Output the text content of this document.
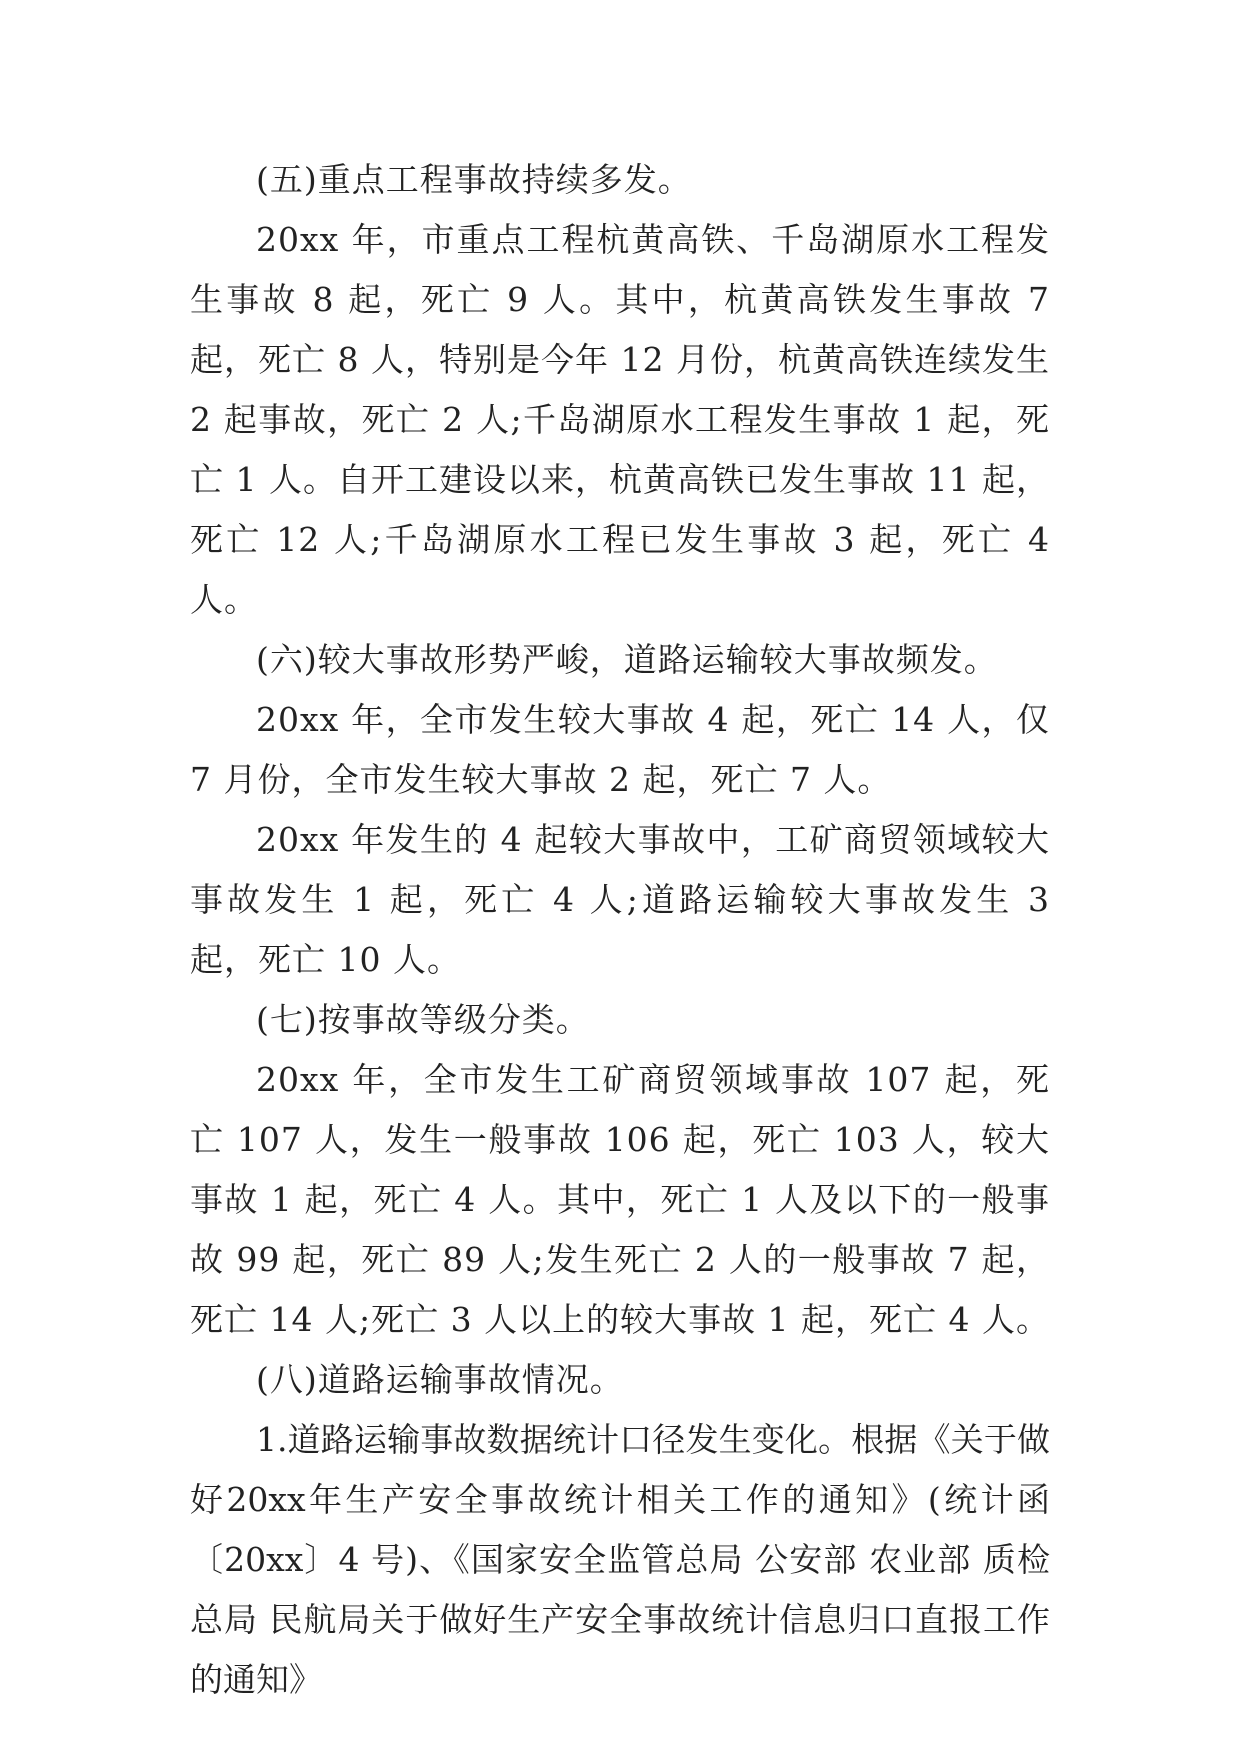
(五)重点工程事故持续多发。

20xx 年，市重点工程杭黄高铁、千岛湖原水工程发生事故 8 起，死亡 9 人。其中，杭黄高铁发生事故 7 起，死亡 8 人，特别是今年 12 月份，杭黄高铁连续发生 2 起事故，死亡 2 人;千岛湖原水工程发生事故 1 起，死亡 1 人。自开工建设以来，杭黄高铁已发生事故 11 起，死亡 12 人;千岛湖原水工程已发生事故 3 起，死亡 4 人。

(六)较大事故形势严峻，道路运输较大事故频发。

20xx 年，全市发生较大事故 4 起，死亡 14 人，仅 7 月份，全市发生较大事故 2 起，死亡 7 人。

20xx 年发生的 4 起较大事故中，工矿商贸领域较大事故发生 1 起，死亡 4 人;道路运输较大事故发生 3 起，死亡 10 人。

(七)按事故等级分类。

20xx 年，全市发生工矿商贸领域事故 107 起，死亡 107 人，发生一般事故 106 起，死亡 103 人，较大事故 1 起，死亡 4 人。其中，死亡 1 人及以下的一般事故 99 起，死亡 89 人;发生死亡 2 人的一般事故 7 起，死亡 14 人;死亡 3 人以上的较大事故 1 起，死亡 4 人。

(八)道路运输事故情况。

1.道路运输事故数据统计口径发生变化。根据《关于做好20xx年生产安全事故统计相关工作的通知》(统计函〔20xx〕4 号)、《国家安全监管总局 公安部 农业部 质检总局 民航局关于做好生产安全事故统计信息归口直报工作的通知》
